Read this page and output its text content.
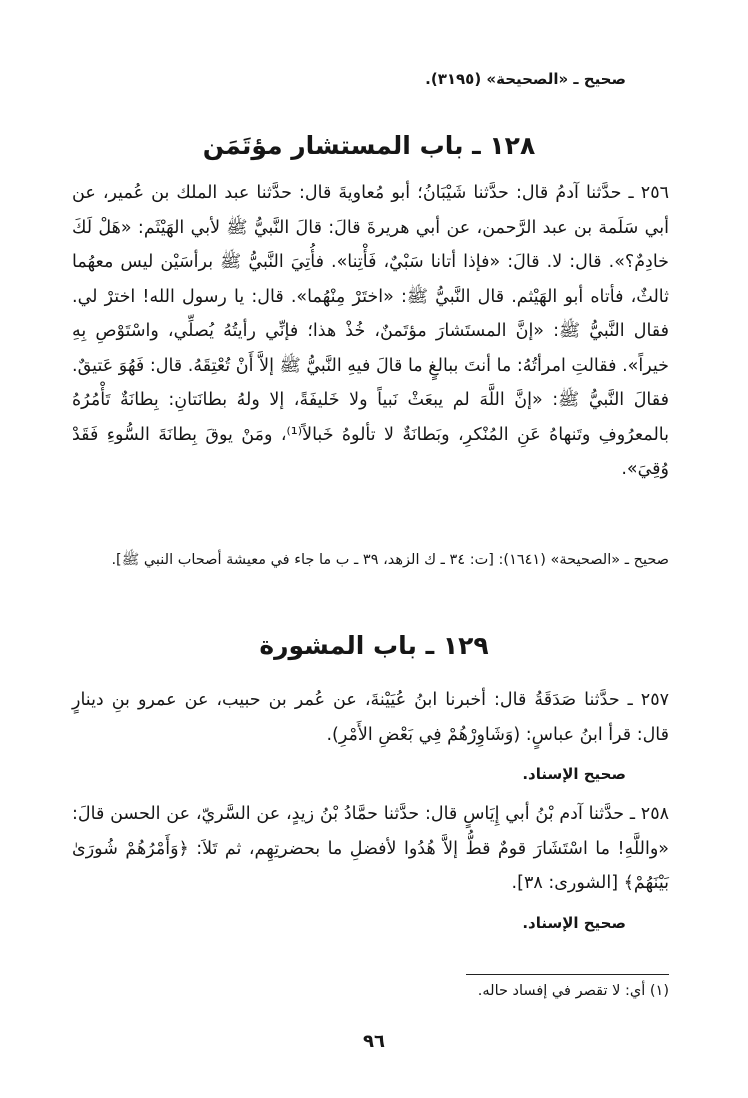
صحيح ـ «الصحيحة» (٣١٩٥).
١٢٨ ـ باب المستشار مؤتَمَن

٢٥٦ ـ حدَّثنا آدمُ قال: حدَّثنا شَيْبَانُ؛ أبو مُعاويةَ قال: حدَّثنا عبد الملك بن عُمير، عن أبي سَلَمة بن عبد الرَّحمن، عن أبي هريرةَ قالَ: قالَ النَّبيُّ ﷺ لأبي الهَيْثَم: «هَلْ لَكَ خادِمٌ؟». قال: لا. قالَ: «فإذا أتانا سَبْيٌ، فَأْتِنا». فأُتِيَ النَّبيُّ ﷺ برأسَيْن ليس معهُما ثالثٌ، فأتاه أبو الهَيْثم. قال النَّبيُّ ﷺ: «اختَرْ مِنْهُما». قال: يا رسول الله! اخترْ لي. فقال النَّبيُّ ﷺ: «إنَّ المستَشارَ مؤتَمنٌ، خُذْ هذا؛ فإنِّي رأيتُهُ يُصلِّي، واسْتَوْصِ بِهِ خيراً». فقالتِ امرأتُهُ: ما أنتَ ببالغٍ ما قالَ فيهِ النَّبيُّ ﷺ إلاَّ أَنْ تُعْتِقَهُ. قال: فَهُوَ عَتيقٌ. فقالَ النَّبيُّ ﷺ: «إنَّ اللَّهَ لم يبعَثْ نَبياً ولا خَليفَةً، إلا ولهُ بطانَتانِ: بِطانَةٌ تَأْمُرُهُ بالمعرُوفِ وتَنهاهُ عَنِ المُنْكرِ، وبَطانَةٌ لا تألوهُ خَبالاً⁽¹⁾، ومَنْ يوقَ بِطانَةَ السُّوءِ فَقَدْ وُقِيَ».

صحيح ـ «الصحيحة» (١٦٤١): [ت: ٣٤ ـ ك الزهد، ٣٩ ـ ب ما جاء في معيشة أصحاب النبي ﷺ].

١٢٩ ـ باب المشورة

٢٥٧ ـ حدَّثنا صَدَقَةُ قال: أخبرنا ابنُ عُيَيْنةَ، عن عُمر بن حبيب، عن عمرو بنِ دينارٍ قال: قرأ ابنُ عباسٍ: (وَشَاوِرْهُمْ فِي بَعْضِ الأَمْرِ).

صحيح الإسناد.

٢٥٨ ـ حدَّثنا آدم بْنُ أبي إِيَاسٍ قال: حدَّثنا حمَّادُ بْنُ زيدٍ، عن السَّريّ، عن الحسن قالَ: «واللَّهِ! ما اسْتَشَارَ قومٌ قطُّ إلاَّ هُدُوا لأفضلِ ما بحضرتِهِم، ثم تَلاَ: ﴿وَأَمْرُهُمْ شُورَىٰ بَيْنَهُمْ﴾ [الشورى: ٣٨].

صحيح الإسناد.
(١) أي: لا تقصر في إفساد حاله.
٩٦
